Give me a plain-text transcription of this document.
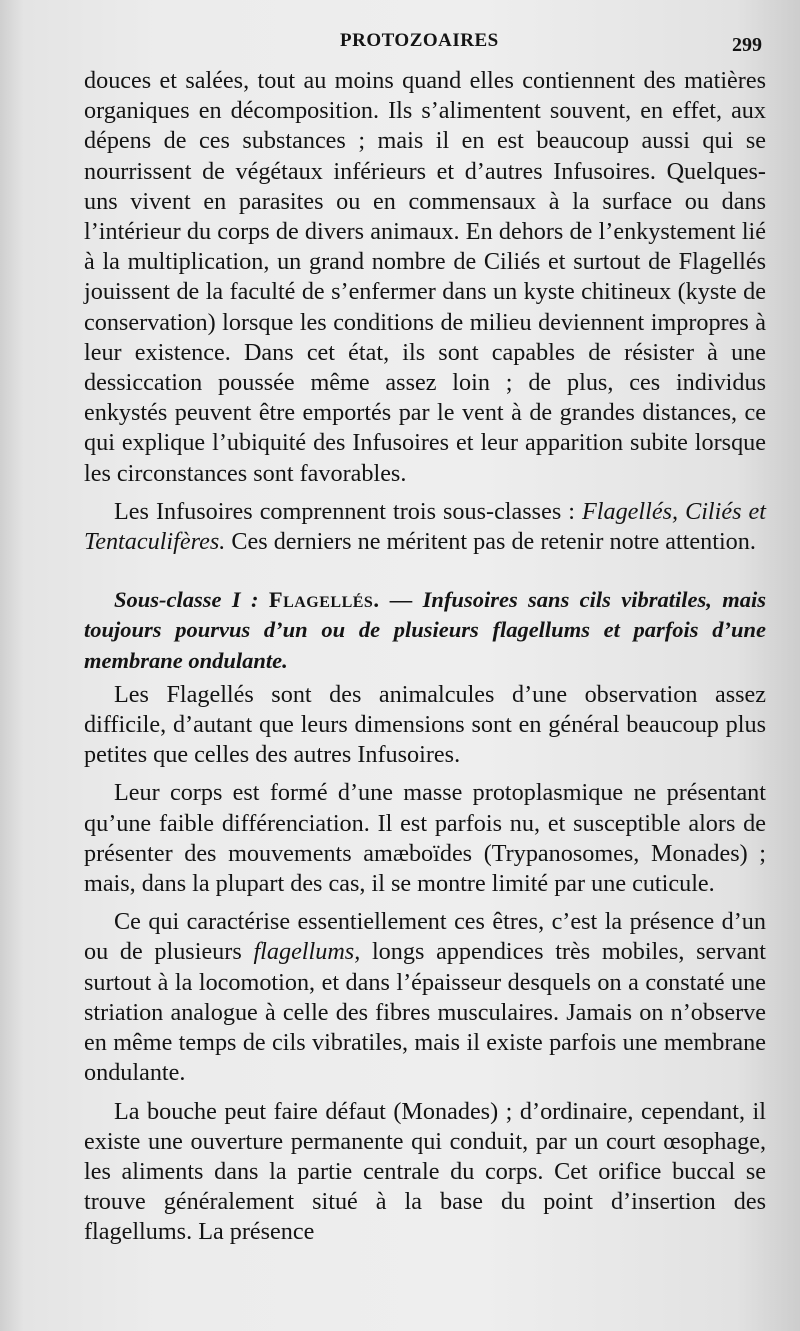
PROTOZOAIRES	299

douces et salées, tout au moins quand elles contiennent des matières organiques en décomposition. Ils s’alimentent souvent, en effet, aux dépens de ces substances ; mais il en est beaucoup aussi qui se nourrissent de végétaux inférieurs et d’autres Infusoires. Quelques-uns vivent en parasites ou en commensaux à la surface ou dans l’intérieur du corps de divers animaux. En dehors de l’enkystement lié à la multiplication, un grand nombre de Ciliés et surtout de Flagellés jouissent de la faculté de s’enfermer dans un kyste chitineux (kyste de conservation) lorsque les conditions de milieu deviennent impropres à leur existence. Dans cet état, ils sont capables de résister à une dessiccation poussée même assez loin ; de plus, ces individus enkystés peuvent être emportés par le vent à de grandes distances, ce qui explique l’ubiquité des Infusoires et leur apparition subite lorsque les circonstances sont favorables.

Les Infusoires comprennent trois sous-classes : Flagellés, Ciliés et Tentaculifères. Ces derniers ne méritent pas de retenir notre attention.

Sous-classe I : Flagellés. — Infusoires sans cils vibratiles, mais toujours pourvus d’un ou de plusieurs flagellums et parfois d’une membrane ondulante.

Les Flagellés sont des animalcules d’une observation assez difficile, d’autant que leurs dimensions sont en général beaucoup plus petites que celles des autres Infusoires.

Leur corps est formé d’une masse protoplasmique ne présentant qu’une faible différenciation. Il est parfois nu, et susceptible alors de présenter des mouvements amæboïdes (Trypanosomes, Monades) ; mais, dans la plupart des cas, il se montre limité par une cuticule.

Ce qui caractérise essentiellement ces êtres, c’est la présence d’un ou de plusieurs flagellums, longs appendices très mobiles, servant surtout à la locomotion, et dans l’épaisseur desquels on a constaté une striation analogue à celle des fibres musculaires. Jamais on n’observe en même temps de cils vibratiles, mais il existe parfois une membrane ondulante.

La bouche peut faire défaut (Monades) ; d’ordinaire, cependant, il existe une ouverture permanente qui conduit, par un court œsophage, les aliments dans la partie centrale du corps. Cet orifice buccal se trouve généralement situé à la base du point d’insertion des flagellums. La présence
